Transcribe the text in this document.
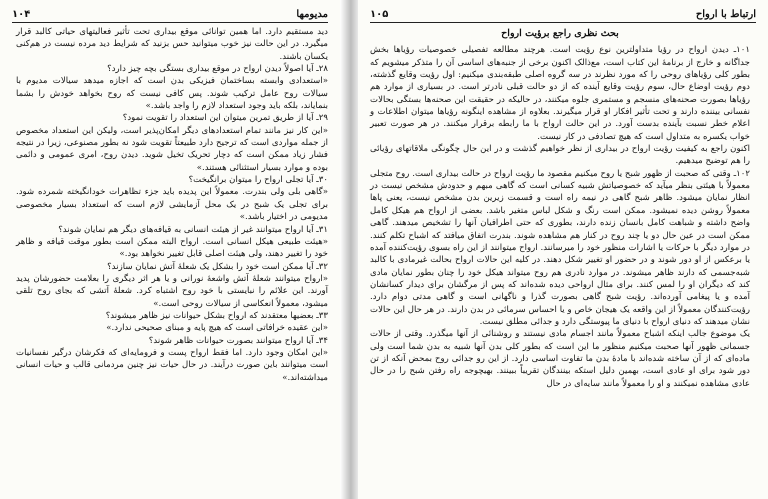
مدیومها
۱۰۴

دید مستقیم دارد. اما همین توانائی موقع بیداری تحت تأثیر فعالیتهای حیاتی کالبد قرار میگیرد. در این حالت نیز خوب میتوانید حس بزنید که شرایط دید مرده نیست در هم‌کنی یکسان باشند.

۲۸ـ آیا اصولاً دیدن ارواح در موقع بیداری بستگی بچه چیز دارد؟

«استعدادی وابسته بساختمان فیزیکی بدن است که اجازه میدهد سیالات مدیوم با سیالات روح عامل ترکیب شوند. پس کافی نیست که روح بخواهد خودش را بشما بنمایاند، بلکه باید وجود استعداد لازم را واجد باشد.»

۲۹ـ آیا از طریق تمرین میتوان این استعداد را تقویت نمود؟

«این کار نیز مانند تمام استعدادهای دیگر امکان‌پذیر است، ولیکن این استعداد مخصوص از جمله مواردی است که ترجیح دارد طبیعتاً تقویت شود نه بطور مصنوعی، زیرا در نتیجه فشار زیاد ممکن است که دچار تحریک تخیل شوید. دیدن روح، امری عمومی و دائمی بوده و موارد بسیار استثنائی هستند.»

۳۰ـ آیا تجلی ارواح را میتوان برانگیخت؟

«گاهی بلی ولی بندرت. معمولاً این پدیده باید جزء تظاهرات خودانگیخته شمرده شود. برای تجلی یک شبح در یک محل آزمایشی لازم است که استعداد بسیار مخصوصی مدیومی در اختیار باشد.»

۳۱ـ آیا ارواح میتوانند غیر از هیئت انسانی به قیافه‌های دیگر هم نمایان شوند؟

«هیئت طبیعی هیکل انسانی است. ارواح البته ممکن است بطور موقت قیافه و ظاهر خود را تغییر دهند، ولی هیئت اصلی قابل تغییر نخواهد بود.»

۳۲ـ آیا ممکن است خود را بشکل یک شعلهٔ آتش نمایان سازند؟

«ارواح میتوانند شعلهٔ آتش واشعهٔ نورانی و یا هر اثر دیگری را بعلامت حضورشان پدید آورند. این علائم را نبایستی با خود روح اشتباه کرد. شعلهٔ آتشی که بجای روح تلقی میشود، معمولاً انعکاسی از سیالات روحی است.»

۳۳ـ بعضیها معتقدند که ارواح بشکل حیوانات نیز ظاهر میشوند؟

«این عقیده خرافاتی است که هیچ پایه و مبنای صحیحی ندارد.»

۳۴ـ آیا ارواح میتوانند بصورت حیوانات ظاهر شوند؟

«این امکان وجود دارد. اما فقط ارواح پست و فرومایه‌ای که فکرشان درگیر نفسانیات است میتوانند باین صورت درآیند. در حال حیات نیز چنین مردمانی قالب و حیات انسانی میداشته‌اند.»

ارتباط با ارواح
۱۰۵
بحث نظری راجع برؤیت ارواح

۱۰۱ـ دیدن ارواح در رؤیا متداولترین نوع رؤیت است. هرچند مطالعه تفصیلی خصوصیات رؤیاها بخش جداگانه و خارج از برنامهٔ این کتاب است، مع‌ذالک اکنون برخی از جنبه‌های اساسی آن را متذکر میشویم که بطور کلی رؤیاهای روحی را که مورد نظرند در سه گروه اصلی طبقه‌بندی میکنیم: اول رؤیت وقایع گذشته، دوم رؤیت اوضاع حال، سوم رؤیت وقایع آینده که از دو حالت قبلی نادرتر است. در بسیاری از موارد هم رؤیاها بصورت صحنه‌های منسجم و مستمری جلوه میکنند، در حالیکه در حقیقت این صحنه‌ها بستگی بحالات نفسانی بیننده دارند و تحت تأثیر افکار او قرار میگیرند. بعلاوه از مشاهده اینگونه رؤیاها میتوان اطلاعات و اعلام خطر نسبت بآینده بدست آورد. در این حالت ارواح با ما رابطه برقرار میکنند. در هر صورت تعبیر خواب یکسره به متداول است که هیچ تصادفی در کار نیست.

اکنون راجع به کیفیت رؤیت ارواح در بیداری از نظر خواهیم گذشت و در این حال چگونگی ملاقاتهای رؤیائی را هم توضیح میدهیم.

۱۰۲ـ وقتی که صحبت از ظهور شبح یا روح میکنیم مقصود ما رؤیت ارواح در حالت بیداری است. روح متجلی معمولاً با هیئتی بنظر میآید که خصوصیاتش شبیه کسانی است که گاهی مبهم و حدودش مشخص نیست در انظار نمایان میشود. ظاهر شبح گاهی در نیمه راه است و قسمت زیرین بدن مشخص نیست، یعنی پاها معمولاً روشن دیده نمیشود. ممکن است رنگ و شکل لباس متغیر باشد. بعضی از ارواح هم هیکل کامل واضح داشته و شباهت کامل بانسان زنده دارند، بطوری که حتی اطرافیان آنها را تشخیص میدهند. گاهی ممکن است در عین حال دو یا چند روح در کنار هم مشاهده شوند. بندرت اتفاق میافتد که اشباح تکلم کنند. در موارد دیگر با حرکات یا اشارات منظور خود را میرسانند. ارواح میتوانند از این راه بسوی رؤیت‌کننده آمده یا برعکس از او دور شوند و در حضور او تغییر شکل دهند. در کلیه این حالات ارواح بحالت غیرمادی با کالبد شبه‌جسمی که دارند ظاهر میشوند. در موارد نادری هم روح میتواند هیکل خود را چنان بطور نمایان مادی کند که دیگران او را لمس کنند. برای مثال ارواحی دیده شده‌اند که پس از مرگشان برای دیدار کسانشان آمده و یا پیغامی آورده‌اند. رؤیت شبح گاهی بصورت گذرا و ناگهانی است و گاهی مدتی دوام دارد. رؤیت‌کنندگان معمولاً از این واقعه یک هیجان خاص و یا احساس سرمائی در بدن دارند. در هر حال این حالات نشان میدهند که دنیای ارواح با دنیای ما پیوستگی دارد و جدائی مطلق نیست.

یک موضوع جالب اینکه اشباح معمولاً مانند اجسام مادی نیستند و روشنائی از آنها میگذرد. وقتی از حالات جسمانی ظهور آنها صحبت میکنیم منظور ما این است که بطور کلی بدن آنها شبیه به بدن شما است ولی ماده‌ای که از آن ساخته شده‌اند با مادهٔ بدن ما تفاوت اساسی دارد. از این رو جدائی روح بمحض آنکه از تن دور شود برای او عادی است، بهمین دلیل استکه بینندگان تقریباً ببینند. بهیچوجه راه رفتن شبح را در حال عادی مشاهده نمیکنند و او را معمولاً مانند سایه‌ای در حال
